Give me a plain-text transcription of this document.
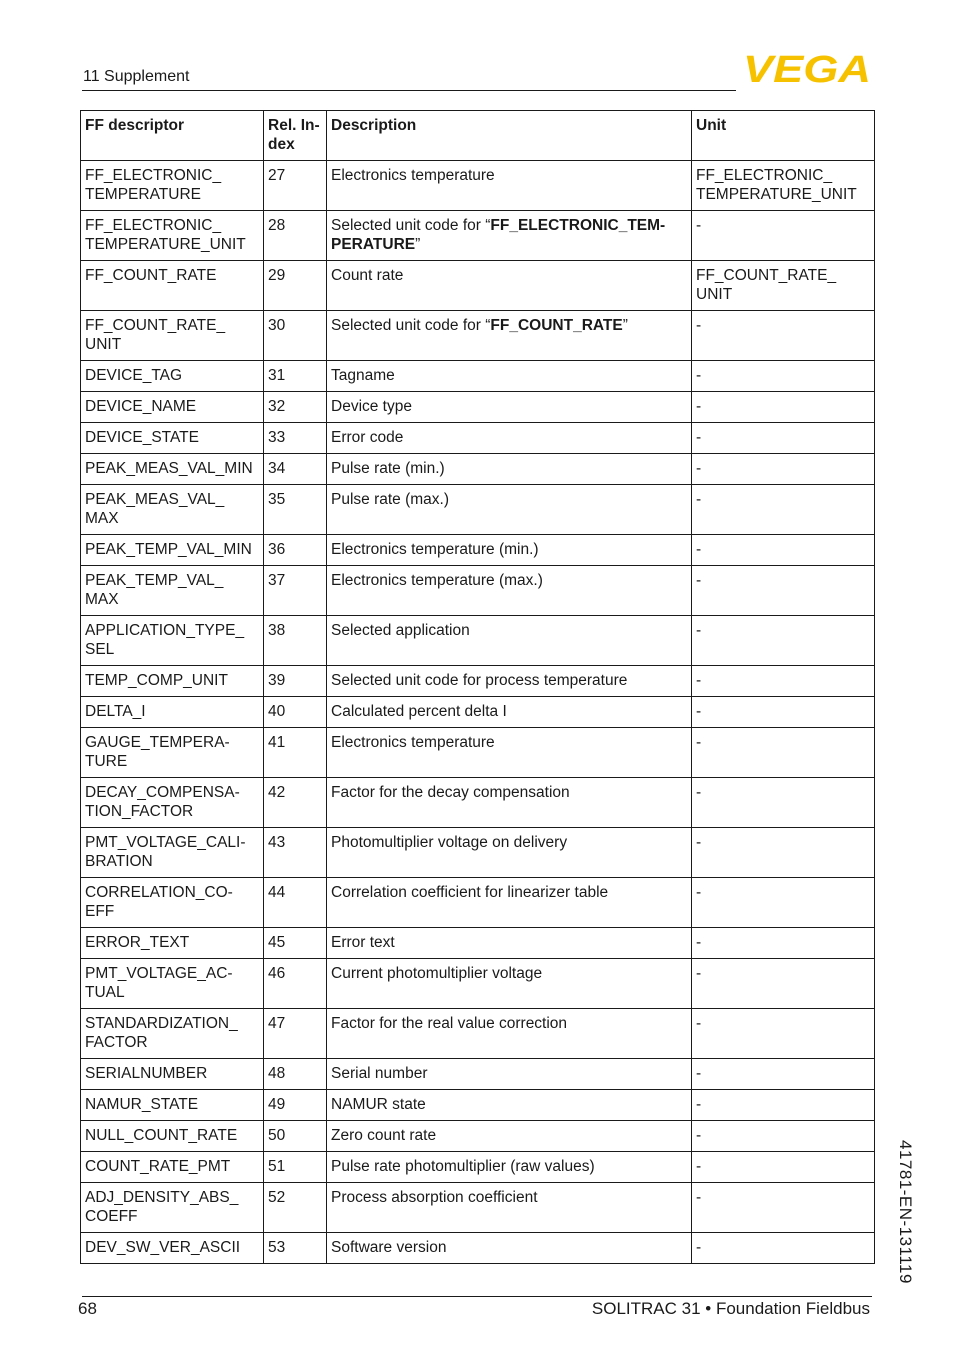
11 Supplement	VEGA
FF descriptor	Rel. In-dex	Description	Unit
FF_ELECTRONIC_ TEMPERATURE	27	Electronics temperature	FF_ELECTRONIC_ TEMPERATURE_UNIT
FF_ELECTRONIC_ TEMPERATURE_UNIT	28	Selected unit code for “FF_ELECTRONIC_TEM-PERATURE”	-
FF_COUNT_RATE	29	Count rate	FF_COUNT_RATE_ UNIT
FF_COUNT_RATE_ UNIT	30	Selected unit code for “FF_COUNT_RATE”	-
DEVICE_TAG	31	Tagname	-
DEVICE_NAME	32	Device type	-
DEVICE_STATE	33	Error code	-
PEAK_MEAS_VAL_MIN	34	Pulse rate (min.)	-
PEAK_MEAS_VAL_ MAX	35	Pulse rate (max.)	-
PEAK_TEMP_VAL_MIN	36	Electronics temperature (min.)	-
PEAK_TEMP_VAL_ MAX	37	Electronics temperature (max.)	-
APPLICATION_TYPE_ SEL	38	Selected application	-
TEMP_COMP_UNIT	39	Selected unit code for process temperature	-
DELTA_I	40	Calculated percent delta I	-
GAUGE_TEMPERA-TURE	41	Electronics temperature	-
DECAY_COMPENSA-TION_FACTOR	42	Factor for the decay compensation	-
PMT_VOLTAGE_CALI-BRATION	43	Photomultiplier voltage on delivery	-
CORRELATION_CO-EFF	44	Correlation coefficient for linearizer table	-
ERROR_TEXT	45	Error text	-
PMT_VOLTAGE_AC-TUAL	46	Current photomultiplier voltage	-
STANDARDIZATION_ FACTOR	47	Factor for the real value correction	-
SERIALNUMBER	48	Serial number	-
NAMUR_STATE	49	NAMUR state	-
NULL_COUNT_RATE	50	Zero count rate	-
COUNT_RATE_PMT	51	Pulse rate photomultiplier (raw values)	-
ADJ_DENSITY_ABS_ COEFF	52	Process absorption coefficient	-
DEV_SW_VER_ASCII	53	Software version	-
68	SOLITRAC 31 • Foundation Fieldbus
41781-EN-131119
